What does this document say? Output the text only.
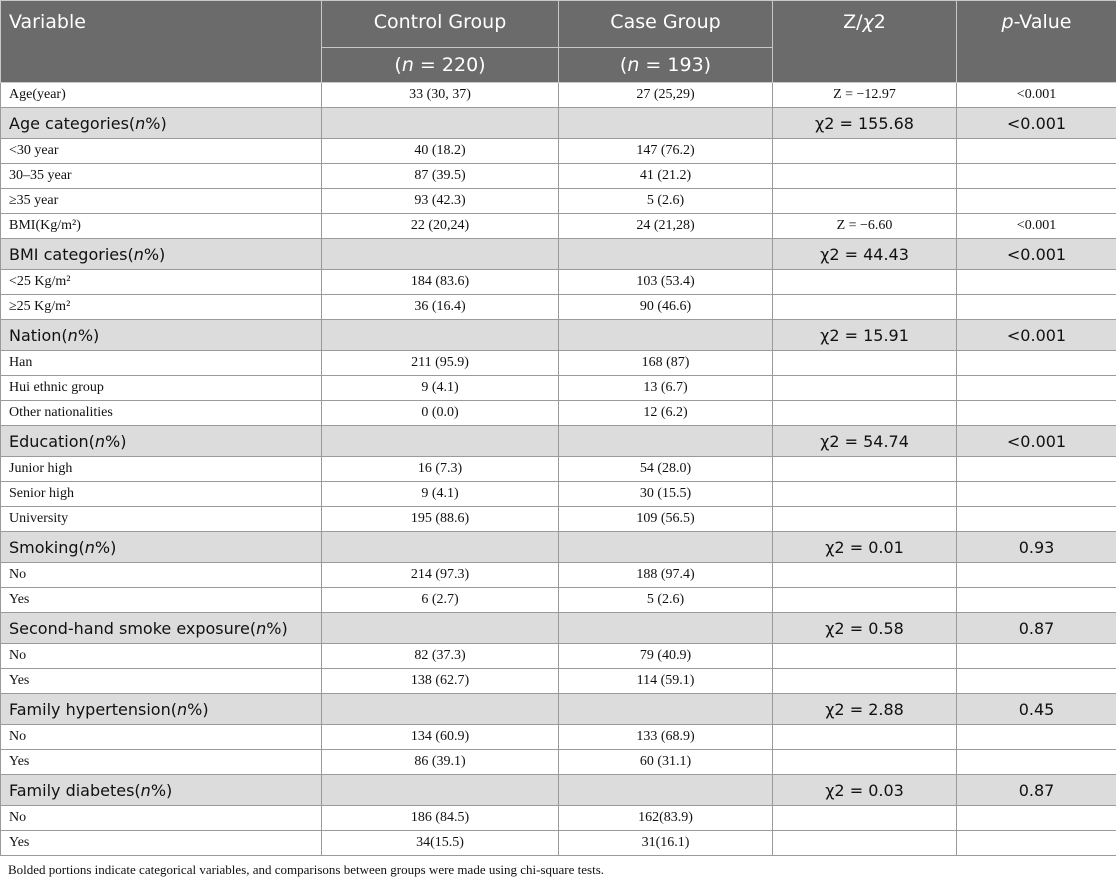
Variable	Control Group	Case Group	Z/χ2	p-Value
	(n = 220)	(n = 193)		
Age(year)	33 (30, 37)	27 (25,29)	Z = −12.97	<0.001
Age categories(n%)			χ2 = 155.68	<0.001
<30 year	40 (18.2)	147 (76.2)		
30–35 year	87 (39.5)	41 (21.2)		
≥35 year	93 (42.3)	5 (2.6)		
BMI(Kg/m²)	22 (20,24)	24 (21,28)	Z = −6.60	<0.001
BMI categories(n%)			χ2 = 44.43	<0.001
<25 Kg/m²	184 (83.6)	103 (53.4)		
≥25 Kg/m²	36 (16.4)	90 (46.6)		
Nation(n%)			χ2 = 15.91	<0.001
Han	211 (95.9)	168 (87)		
Hui ethnic group	9 (4.1)	13 (6.7)		
Other nationalities	0 (0.0)	12 (6.2)		
Education(n%)			χ2 = 54.74	<0.001
Junior high	16 (7.3)	54 (28.0)		
Senior high	9 (4.1)	30 (15.5)		
University	195 (88.6)	109 (56.5)		
Smoking(n%)			χ2 = 0.01	0.93
No	214 (97.3)	188 (97.4)		
Yes	6 (2.7)	5 (2.6)		
Second-hand smoke exposure(n%)			χ2 = 0.58	0.87
No	82 (37.3)	79 (40.9)		
Yes	138 (62.7)	114 (59.1)		
Family hypertension(n%)			χ2 = 2.88	0.45
No	134 (60.9)	133 (68.9)		
Yes	86 (39.1)	60 (31.1)		
Family diabetes(n%)			χ2 = 0.03	0.87
No	186 (84.5)	162(83.9)		
Yes	34(15.5)	31(16.1)		
Bolded portions indicate categorical variables, and comparisons between groups were made using chi-square tests.
